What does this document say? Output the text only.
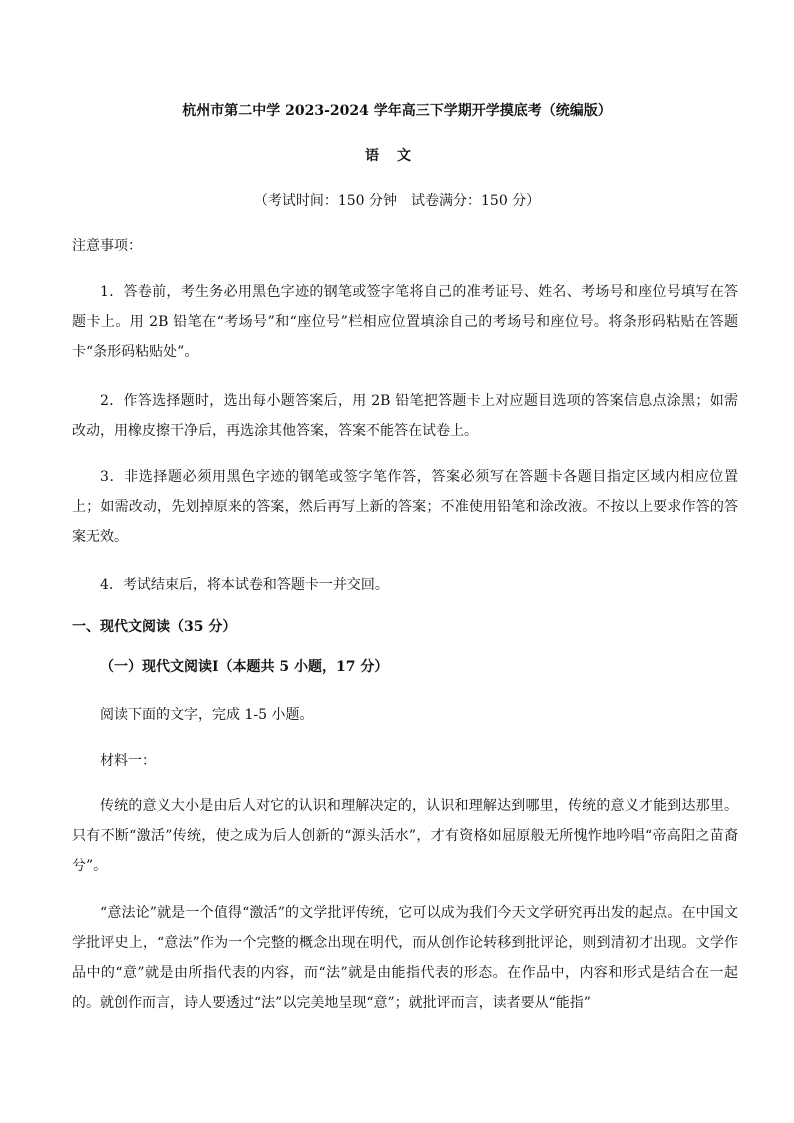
杭州市第二中学 2023-2024 学年高三下学期开学摸底考（统编版）
语文
（考试时间：150 分钟　试卷满分：150 分）
注意事项：
1．答卷前，考生务必用黑色字迹的钢笔或签字笔将自己的准考证号、姓名、考场号和座位号填写在答题卡上。用 2B 铅笔在“考场号”和“座位号”栏相应位置填涂自己的考场号和座位号。将条形码粘贴在答题卡“条形码粘贴处”。
2．作答选择题时，选出每小题答案后，用 2B 铅笔把答题卡上对应题目选项的答案信息点涂黑；如需改动，用橡皮擦干净后，再选涂其他答案，答案不能答在试卷上。
3．非选择题必须用黑色字迹的钢笔或签字笔作答，答案必须写在答题卡各题目指定区域内相应位置上；如需改动，先划掉原来的答案，然后再写上新的答案；不准使用铅笔和涂改液。不按以上要求作答的答案无效。
4．考试结束后，将本试卷和答题卡一并交回。
一、现代文阅读（35 分）
（一）现代文阅读Ⅰ（本题共 5 小题，17 分）
阅读下面的文字，完成 1-5 小题。
材料一：
传统的意义大小是由后人对它的认识和理解决定的，认识和理解达到哪里，传统的意义才能到达那里。只有不断“激活”传统，使之成为后人创新的“源头活水”，才有资格如屈原般无所愧怍地吟唱“帝高阳之苗裔兮”。
“意法论”就是一个值得“激活”的文学批评传统，它可以成为我们今天文学研究再出发的起点。在中国文学批评史上，“意法”作为一个完整的概念出现在明代，而从创作论转移到批评论，则到清初才出现。文学作品中的“意”就是由所指代表的内容，而“法”就是由能指代表的形态。在作品中，内容和形式是结合在一起的。就创作而言，诗人要透过“法”以完美地呈现“意”；就批评而言，读者要从“能指”
